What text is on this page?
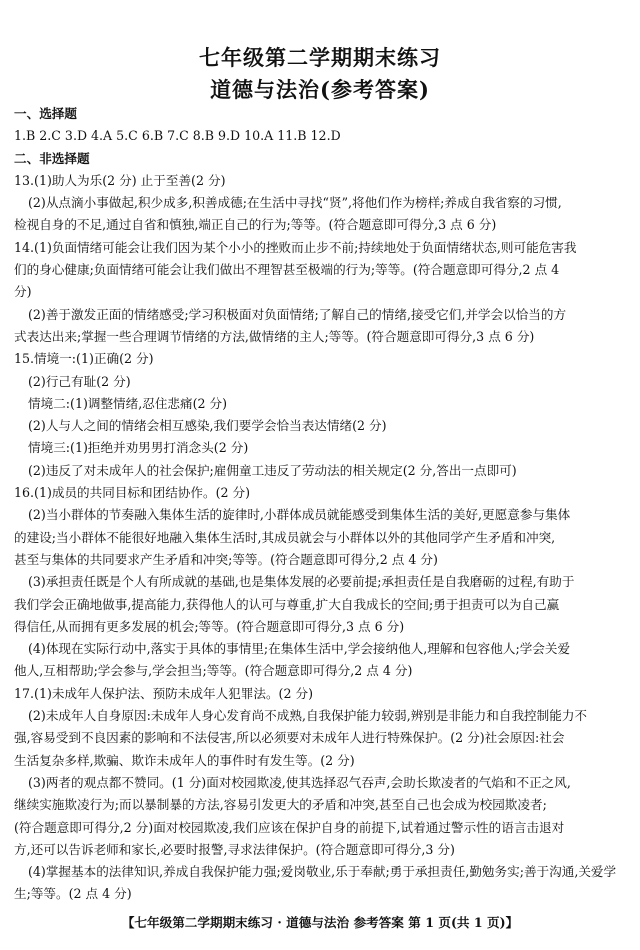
七年级第二学期期末练习
道德与法治(参考答案)
一、选择题
1.B 2.C 3.D 4.A 5.C 6.B 7.C 8.B 9.D 10.A 11.B 12.D
二、非选择题
13.(1)助人为乐(2 分) 止于至善(2 分)
(2)从点滴小事做起,积少成多,积善成德;在生活中寻找“贤”,将他们作为榜样;养成自我省察的习惯,
检视自身的不足,通过自省和慎独,端正自己的行为;等等。(符合题意即可得分,3 点 6 分)
14.(1)负面情绪可能会让我们因为某个小小的挫败而止步不前;持续地处于负面情绪状态,则可能危害我
们的身心健康;负面情绪可能会让我们做出不理智甚至极端的行为;等等。(符合题意即可得分,2 点 4
分)
(2)善于激发正面的情绪感受;学习积极面对负面情绪;了解自己的情绪,接受它们,并学会以恰当的方
式表达出来;掌握一些合理调节情绪的方法,做情绪的主人;等等。(符合题意即可得分,3 点 6 分)
15.情境一:(1)正确(2 分)
(2)行己有耻(2 分)
情境二:(1)调整情绪,忍住悲痛(2 分)
(2)人与人之间的情绪会相互感染,我们要学会恰当表达情绪(2 分)
情境三:(1)拒绝并劝男男打消念头(2 分)
(2)违反了对未成年人的社会保护;雇佣童工违反了劳动法的相关规定(2 分,答出一点即可)
16.(1)成员的共同目标和团结协作。(2 分)
(2)当小群体的节奏融入集体生活的旋律时,小群体成员就能感受到集体生活的美好,更愿意参与集体
的建设;当小群体不能很好地融入集体生活时,其成员就会与小群体以外的其他同学产生矛盾和冲突,
甚至与集体的共同要求产生矛盾和冲突;等等。(符合题意即可得分,2 点 4 分)
(3)承担责任既是个人有所成就的基础,也是集体发展的必要前提;承担责任是自我磨砺的过程,有助于
我们学会正确地做事,提高能力,获得他人的认可与尊重,扩大自我成长的空间;勇于担责可以为自己赢
得信任,从而拥有更多发展的机会;等等。(符合题意即可得分,3 点 6 分)
(4)体现在实际行动中,落实于具体的事情里;在集体生活中,学会接纳他人,理解和包容他人;学会关爱
他人,互相帮助;学会参与,学会担当;等等。(符合题意即可得分,2 点 4 分)
17.(1)未成年人保护法、预防未成年人犯罪法。(2 分)
(2)未成年人自身原因:未成年人身心发育尚不成熟,自我保护能力较弱,辨别是非能力和自我控制能力不
强,容易受到不良因素的影响和不法侵害,所以必须要对未成年人进行特殊保护。(2 分)社会原因:社会
生活复杂多样,欺骗、欺诈未成年人的事件时有发生等。(2 分)
(3)两者的观点都不赞同。(1 分)面对校园欺凌,使其选择忍气吞声,会助长欺凌者的气焰和不正之风,
继续实施欺凌行为;而以暴制暴的方法,容易引发更大的矛盾和冲突,甚至自己也会成为校园欺凌者;
(符合题意即可得分,2 分)面对校园欺凌,我们应该在保护自身的前提下,试着通过警示性的语言击退对
方,还可以告诉老师和家长,必要时报警,寻求法律保护。(符合题意即可得分,3 分)
(4)掌握基本的法律知识,养成自我保护能力强;爱岗敬业,乐于奉献;勇于承担责任,勤勉务实;善于沟通,关爱学
生;等等。(2 点 4 分)
【七年级第二学期期末练习 · 道德与法治 参考答案 第 1 页(共 1 页)】
